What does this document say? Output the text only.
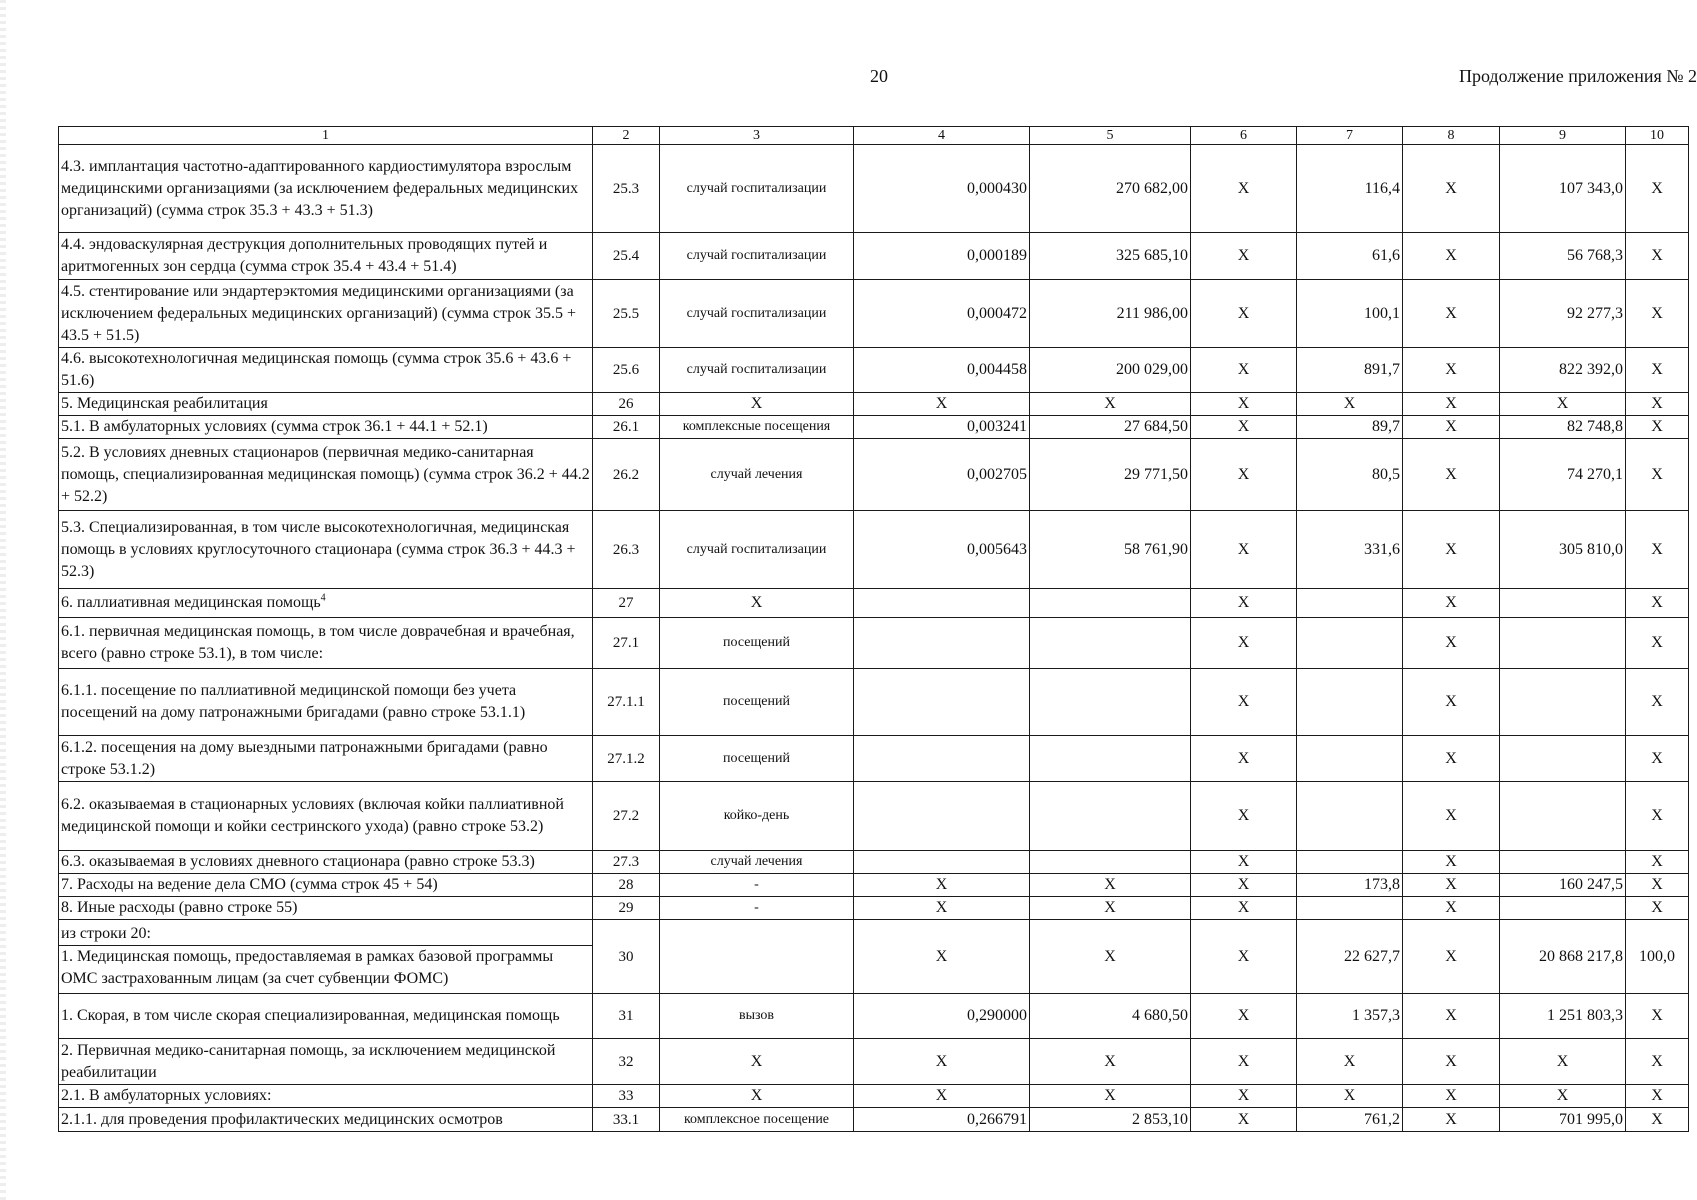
20	Продолжение приложения № 2
1	2	3	4	5	6	7	8	9	10
4.3. имплантация частотно-адаптированного кардиостимулятора взрослым медицинскими организациями (за исключением федеральных медицинских организаций) (сумма строк 35.3 + 43.3 + 51.3)	25.3	случай госпитализации	0,000430	270 682,00	X	116,4	X	107 343,0	X
4.4. эндоваскулярная деструкция дополнительных проводящих путей и аритмогенных зон сердца (сумма строк 35.4 + 43.4 + 51.4)	25.4	случай госпитализации	0,000189	325 685,10	X	61,6	X	56 768,3	X
4.5. стентирование или эндартерэктомия медицинскими организациями (за исключением федеральных медицинских организаций) (сумма строк 35.5 + 43.5 + 51.5)	25.5	случай госпитализации	0,000472	211 986,00	X	100,1	X	92 277,3	X
4.6. высокотехнологичная медицинская помощь (сумма строк 35.6 + 43.6 + 51.6)	25.6	случай госпитализации	0,004458	200 029,00	X	891,7	X	822 392,0	X
5. Медицинская реабилитация	26	X	X	X	X	X	X	X	X
5.1. В амбулаторных условиях (сумма строк 36.1 + 44.1 + 52.1)	26.1	комплексные посещения	0,003241	27 684,50	X	89,7	X	82 748,8	X
5.2. В условиях дневных стационаров (первичная медико-санитарная помощь, специализированная медицинская помощь) (сумма строк 36.2 + 44.2 + 52.2)	26.2	случай лечения	0,002705	29 771,50	X	80,5	X	74 270,1	X
5.3. Специализированная, в том числе высокотехнологичная, медицинская помощь в условиях круглосуточного стационара (сумма строк 36.3 + 44.3 + 52.3)	26.3	случай госпитализации	0,005643	58 761,90	X	331,6	X	305 810,0	X
6. паллиативная медицинская помощь$^4$	27	X			X		X		X
6.1. первичная медицинская помощь, в том числе доврачебная и врачебная, всего (равно строке 53.1), в том числе:	27.1	посещений			X		X		X
6.1.1. посещение по паллиативной медицинской помощи без учета посещений на дому патронажными бригадами (равно строке 53.1.1)	27.1.1	посещений			X		X		X
6.1.2. посещения на дому выездными патронажными бригадами (равно строке 53.1.2)	27.1.2	посещений			X		X		X
6.2. оказываемая в стационарных условиях (включая койки паллиативной медицинской помощи и койки сестринского ухода) (равно строке 53.2)	27.2	койко-день			X		X		X
6.3. оказываемая в условиях дневного стационара (равно строке 53.3)	27.3	случай лечения			X		X		X
7. Расходы на ведение дела СМО (сумма строк 45 + 54)	28	-	X	X	X	173,8	X	160 247,5	X
8. Иные расходы (равно строке 55)	29	-	X	X	X		X		X

из строки 20:
1. Медицинская помощь, предоставляемая в рамках базовой программы ОМС застрахованным лицам (за счет субвенции ФОМС)	30		X	X	X	22 627,7	X	20 868 217,8	100,0
1. Скорая, в том числе скорая специализированная, медицинская помощь	31	вызов	0,290000	4 680,50	X	1 357,3	X	1 251 803,3	X
2. Первичная медико-санитарная помощь, за исключением медицинской реабилитации	32	X	X	X	X	X	X	X	X
2.1. В амбулаторных условиях:	33	X	X	X	X	X	X	X	X
2.1.1. для проведения профилактических медицинских осмотров	33.1	комплексное посещение	0,266791	2 853,10	X	761,2	X	701 995,0	X
